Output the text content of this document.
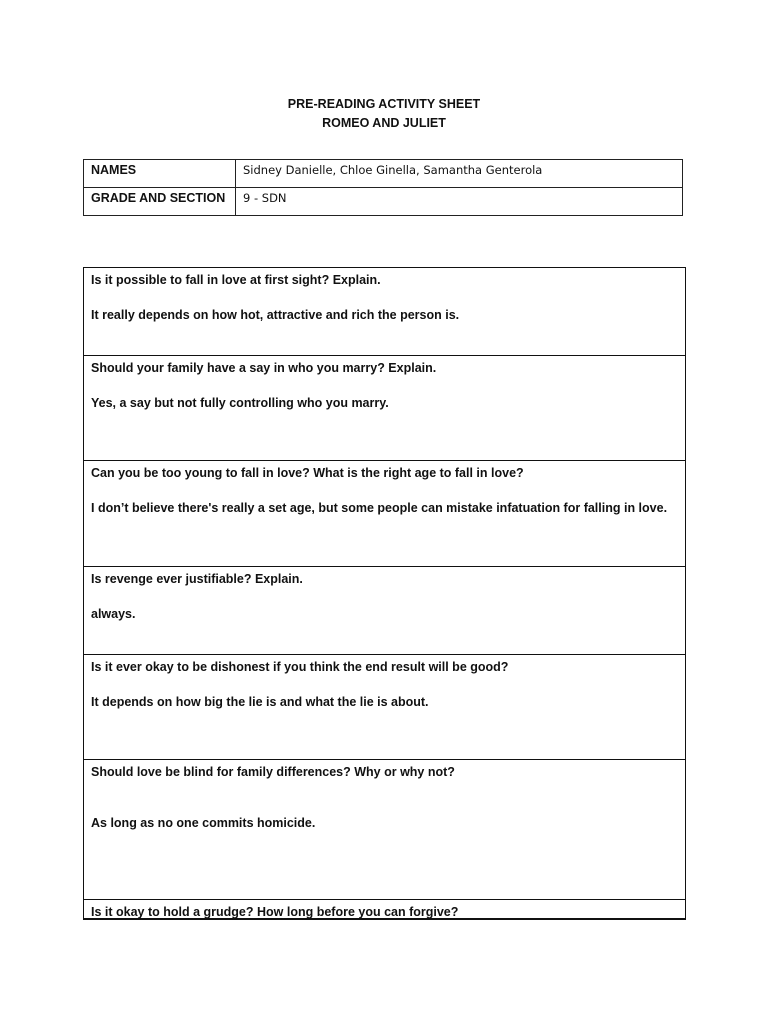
PRE-READING ACTIVITY SHEET
ROMEO AND JULIET
NAMES	Sidney Danielle, Chloe Ginella, Samantha Genterola
GRADE AND SECTION	9 - SDN
Is it possible to fall in love at first sight? Explain.
It really depends on how hot, attractive and rich the person is.
Should your family have a say in who you marry? Explain.
Yes, a say but not fully controlling who you marry.
Can you be too young to fall in love? What is the right age to fall in love?
I don’t believe there's really a set age, but some people can mistake infatuation for falling in love.
Is revenge ever justifiable? Explain.
always.
Is it ever okay to be dishonest if you think the end result will be good?
It depends on how big the lie is and what the lie is about.
Should love be blind for family differences? Why or why not?
As long as no one commits homicide.
Is it okay to hold a grudge? How long before you can forgive?
